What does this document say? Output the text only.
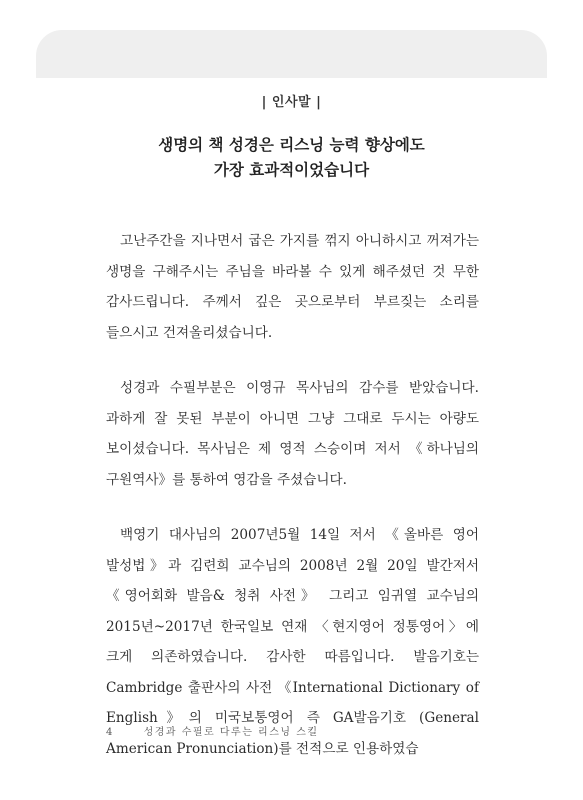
| 인사말 |
생명의 책 성경은 리스닝 능력 향상에도
가장 효과적이었습니다

고난주간을 지나면서 굽은 가지를 꺾지 아니하시고 꺼져가는 생명을 구해주시는 주님을 바라볼 수 있게 해주셨던 것 무한 감사드립니다. 주께서 깊은 곳으로부터 부르짖는 소리를 들으시고 건져올리셨습니다.

성경과 수필부분은 이영규 목사님의 감수를 받았습니다. 과하게 잘 못된 부분이 아니면 그냥 그대로 두시는 아량도 보이셨습니다. 목사님은 제 영적 스승이며 저서 《하나님의 구원역사》를 통하여 영감을 주셨습니다.

백영기 대사님의 2007년5월 14일 저서 《올바른 영어 발성법》과 김련희 교수님의 2008년 2월 20일 발간저서 《영어회화 발음& 청취 사전》 그리고 임귀열 교수님의 2015년~2017년 한국일보 연재 〈현지영어 정통영어〉에 크게 의존하였습니다. 감사한 따름입니다. 발음기호는 Cambridge 출판사의 사전 《International Dictionary of English》의 미국보통영어 즉 GA발음기호 (General American Pronunciation)를 전적으로 인용하였습

4	성경과 수필로 다루는 리스닝 스킬
